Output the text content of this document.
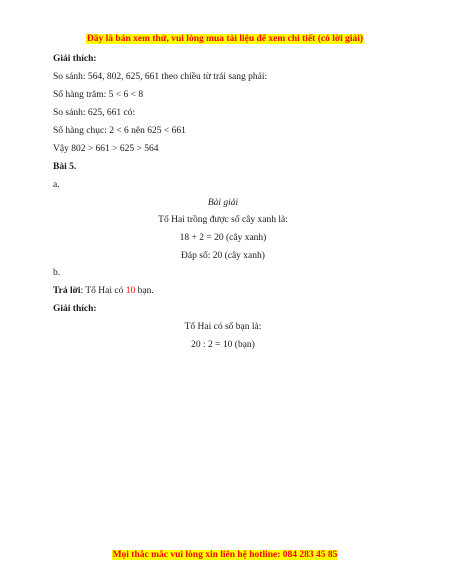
Đây là bản xem thử, vui lòng mua tài liệu để xem chi tiết (có lời giải)
Giải thích:
So sánh: 564, 802, 625, 661 theo chiều từ trái sang phải:
Số hàng trăm: 5 < 6 < 8
So sánh: 625, 661 có:
Số hàng chục: 2 < 6 nên 625 < 661
Vậy 802 > 661 > 625 > 564
Bài 5.
a.
Bài giải
Tổ Hai trồng được số cây xanh là:
18 + 2 = 20 (cây xanh)
Đáp số: 20 (cây xanh)
b.
Trả lời: Tổ Hai có 10 bạn.
Giải thích:
Tổ Hai có số bạn là:
20 : 2 = 10 (bạn)
Mọi thắc mắc vui lòng xin liên hệ hotline: 084 283 45 85
